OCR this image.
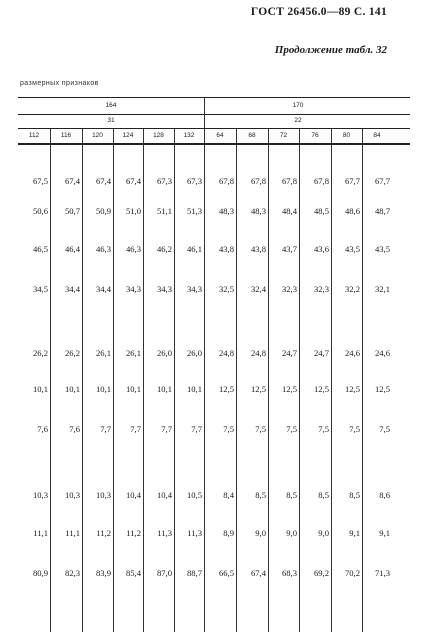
ГОСТ 26456.0—89 С. 141
Продолжение табл. 32
размерных признаков
164	170
31	22
112	116	120	124	128	132	64	68	72	76	80	84
67,5	67,4	67,4	67,4	67,3	67,3	67,8	67,8	67,8	67,8	67,7	67,7
50,6	50,7	50,9	51,0	51,1	51,3	48,3	48,3	48,4	48,5	48,6	48,7
46,5	46,4	46,3	46,3	46,2	46,1	43,8	43,8	43,7	43,6	43,5	43,5
34,5	34,4	34,4	34,3	34,3	34,3	32,5	32,4	32,3	32,3	32,2	32,1
26,2	26,2	26,1	26,1	26,0	26,0	24,8	24,8	24,7	24,7	24,6	24,6
10,1	10,1	10,1	10,1	10,1	10,1	12,5	12,5	12,5	12,5	12,5	12,5
7,6	7,6	7,7	7,7	7,7	7,7	7,5	7,5	7,5	7,5	7,5	7,5
10,3	10,3	10,3	10,4	10,4	10,5	8,4	8,5	8,5	8,5	8,5	8,6
11,1	11,1	11,2	11,2	11,3	11,3	8,9	9,0	9,0	9,0	9,1	9,1
80,9	82,3	83,9	85,4	87,0	88,7	66,5	67,4	68,3	69,2	70,2	71,3
